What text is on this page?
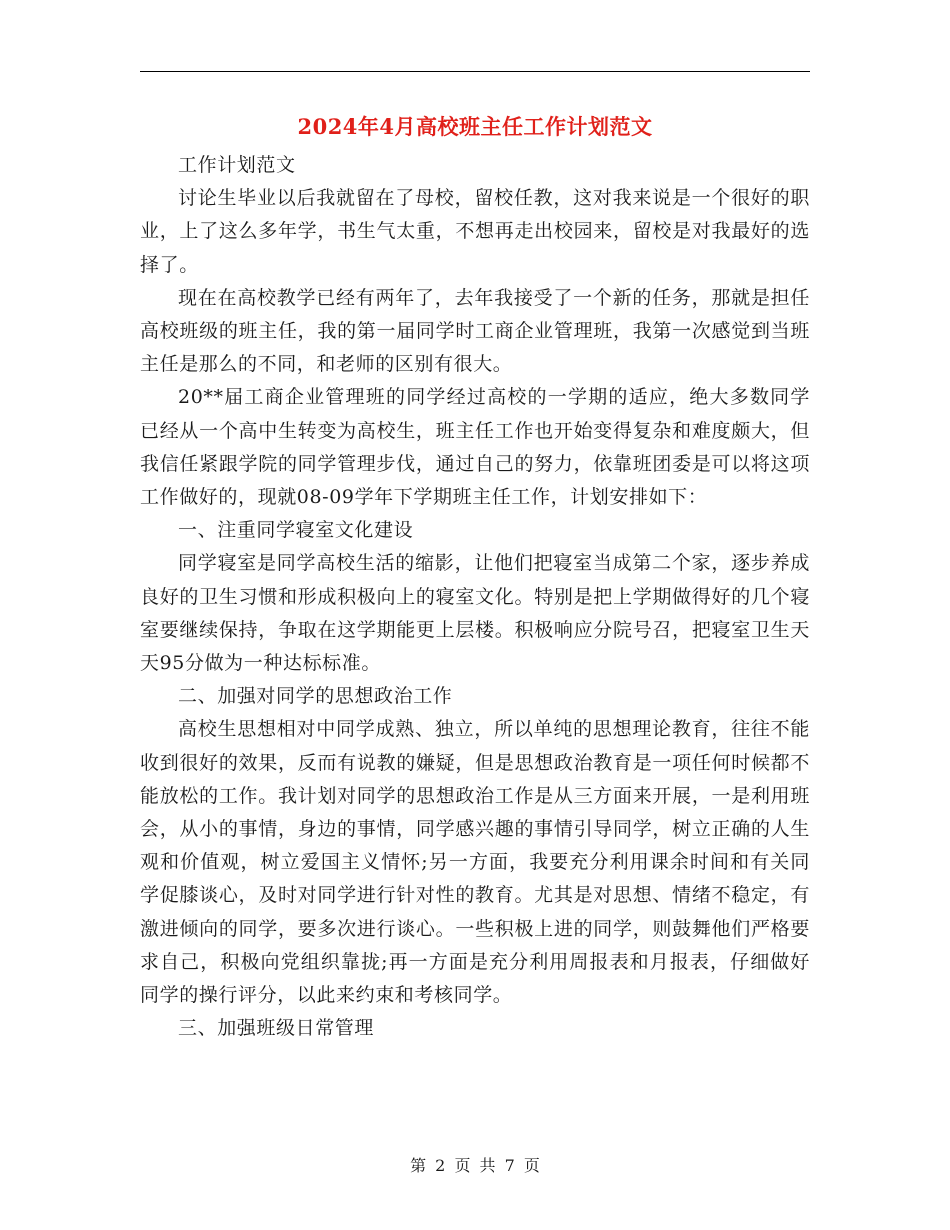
2024年4月高校班主任工作计划范文

工作计划范文

讨论生毕业以后我就留在了母校，留校任教，这对我来说是一个很好的职业，上了这么多年学，书生气太重，不想再走出校园来，留校是对我最好的选择了。

现在在高校教学已经有两年了，去年我接受了一个新的任务，那就是担任高校班级的班主任，我的第一届同学时工商企业管理班，我第一次感觉到当班主任是那么的不同，和老师的区别有很大。

20**届工商企业管理班的同学经过高校的一学期的适应，绝大多数同学已经从一个高中生转变为高校生，班主任工作也开始变得复杂和难度颇大，但我信任紧跟学院的同学管理步伐，通过自己的努力，依靠班团委是可以将这项工作做好的，现就08-09学年下学期班主任工作，计划安排如下：

一、注重同学寝室文化建设

同学寝室是同学高校生活的缩影，让他们把寝室当成第二个家，逐步养成良好的卫生习惯和形成积极向上的寝室文化。特别是把上学期做得好的几个寝室要继续保持，争取在这学期能更上层楼。积极响应分院号召，把寝室卫生天天95分做为一种达标标准。

二、加强对同学的思想政治工作

高校生思想相对中同学成熟、独立，所以单纯的思想理论教育，往往不能收到很好的效果，反而有说教的嫌疑，但是思想政治教育是一项任何时候都不能放松的工作。我计划对同学的思想政治工作是从三方面来开展，一是利用班会，从小的事情，身边的事情，同学感兴趣的事情引导同学，树立正确的人生观和价值观，树立爱国主义情怀;另一方面，我要充分利用课余时间和有关同学促膝谈心，及时对同学进行针对性的教育。尤其是对思想、情绪不稳定，有激进倾向的同学，要多次进行谈心。一些积极上进的同学，则鼓舞他们严格要求自己，积极向党组织靠拢;再一方面是充分利用周报表和月报表，仔细做好同学的操行评分，以此来约束和考核同学。

三、加强班级日常管理

第 2 页 共 7 页
